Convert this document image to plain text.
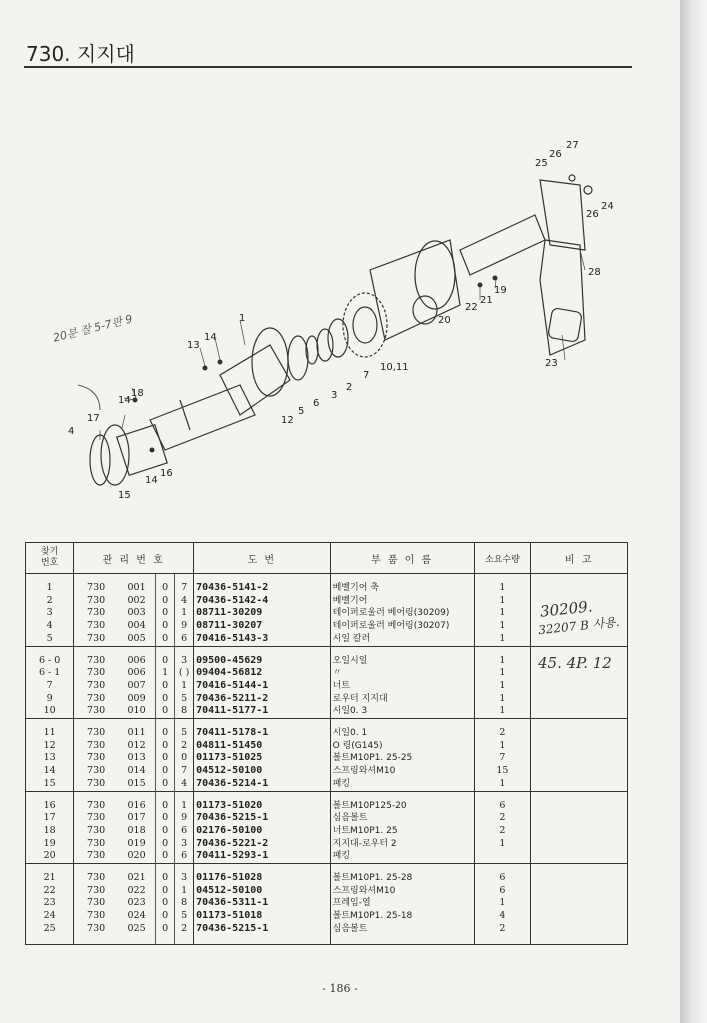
730. 지지대
1
2
3
4
5
6
7
10,11
12
13
14
14
14
15
16
17
18
19
20
21
22
23
24
25
26
26
27
28
20분 잘 5-7판 9
찾기
번호	관 리 번 호				도 번	부 품 이 름	소요수량	비 고

1	730	001	0	7	70436-5141-2	베벨기어 축	1	
2	730	002	0	4	70436-5142-4	베벨기어	1	
3	730	003	0	1	08711-30209	테이퍼로울러 베어링(30209)	1	
4	730	004	0	9	08711-30207	테이퍼로울러 베어링(30207)	1	
5	730	005	0	6	70416-5143-3	시일 칼러	1	

6 - 0	730	006	0	3	09500-45629	오일시일	1	
6 - 1	730	006	1	( )	09404-56812	〃	1	
7	730	007	0	1	70416-5144-1	너트	1	
9	730	009	0	5	70436-5211-2	로우터 지지대	1	
10	730	010	0	8	70411-5177-1	시일0. 3	1	

11	730	011	0	5	70411-5178-1	시일0. 1	2	
12	730	012	0	2	04811-51450	O 링(G145)	1	
13	730	013	0	0	01173-51025	볼트M10P1. 25-25	7	
14	730	014	0	7	04512-50100	스프링와셔M10	15	
15	730	015	0	4	70436-5214-1	패킹	1	

16	730	016	0	1	01173-51020	볼트M10P125-20	6	
17	730	017	0	9	70436-5215-1	심음볼트	2	
18	730	018	0	6	02176-50100	너트M10P1. 25	2	
19	730	019	0	3	70436-5221-2	지지대-로우터 2	1	
20	730	020	0	6	70411-5293-1	패킹		

21	730	021	0	3	01176-51028	볼트M10P1. 25-28	6	
22	730	022	0	1	04512-50100	스프링와셔M10	6	
23	730	023	0	8	70436-5311-1	프레임-열	1	
24	730	024	0	5	01173-51018	볼트M10P1. 25-18	4	
25	730	025	0	2	70436-5215-1	심음볼트	2	

30209.
32207 B 사용.
45. 4P. 12
- 186 -
